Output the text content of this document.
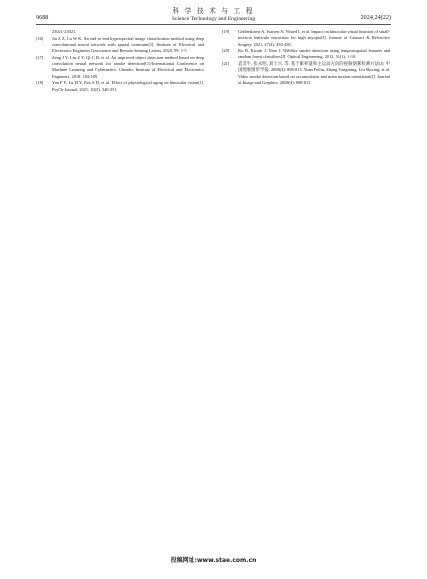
9688
科 学 技 术 与 工 程
Science Technology and Engineering	2024,24(22)
23021-23021.
[16] Jia Z Z, Lu W K. An end-to-end hyperspectral image classification method using deep convolutional neural network with spatial constraint[J]. Institute of Electrical and Electronics Engineers Geoscience and Remote Sensing Letters, 2020, 99: 1-5.
[17] Zeng J Y, Lin Z Y, Qi C B, et al. An improved object detection method based on deep convolution neural network for smoke detection[C]//International Conference on Machine Learning and Cybernetics. Chendu: Institute of Electrical and Electronics Engineers, 2018: 184-189.
[18] Yan F F, Lu H Y, Fan S H, et al. Effect of physiological aging on binocular vision[J]. PsyCh Journal, 2021, 10(3): 340-351.
[19] Geldenkorne A, Ivarsen A, Nisted I, et al. Impact on binocular visual function of small-incision lenticule extraction for high myopia[J]. Journal of Cataract & Refractive Surgery, 2021, 47(4): 430-438.
[20] Ko B, Kwark J, Nam J. Wildfire smoke detection using temporospatial features and random forest classifiers[J]. Optical Engineering, 2012, 51(1): 1-10.
[21] 袁非牛, 张永明, 刘士兴, 等. 基于累积量和主运动方向的视频烟雾检测方法[J]. 中国图象图形学报, 2008(4): 808-813. Yuan Feiliu, Zhang Yongming, Liu Shixing, et al. Video smoke detection based on accumulation and main motion orientation[J]. Journal of Image and Graphics, 2008(4): 808-813.
投稿网址:www.stae.com.cn
